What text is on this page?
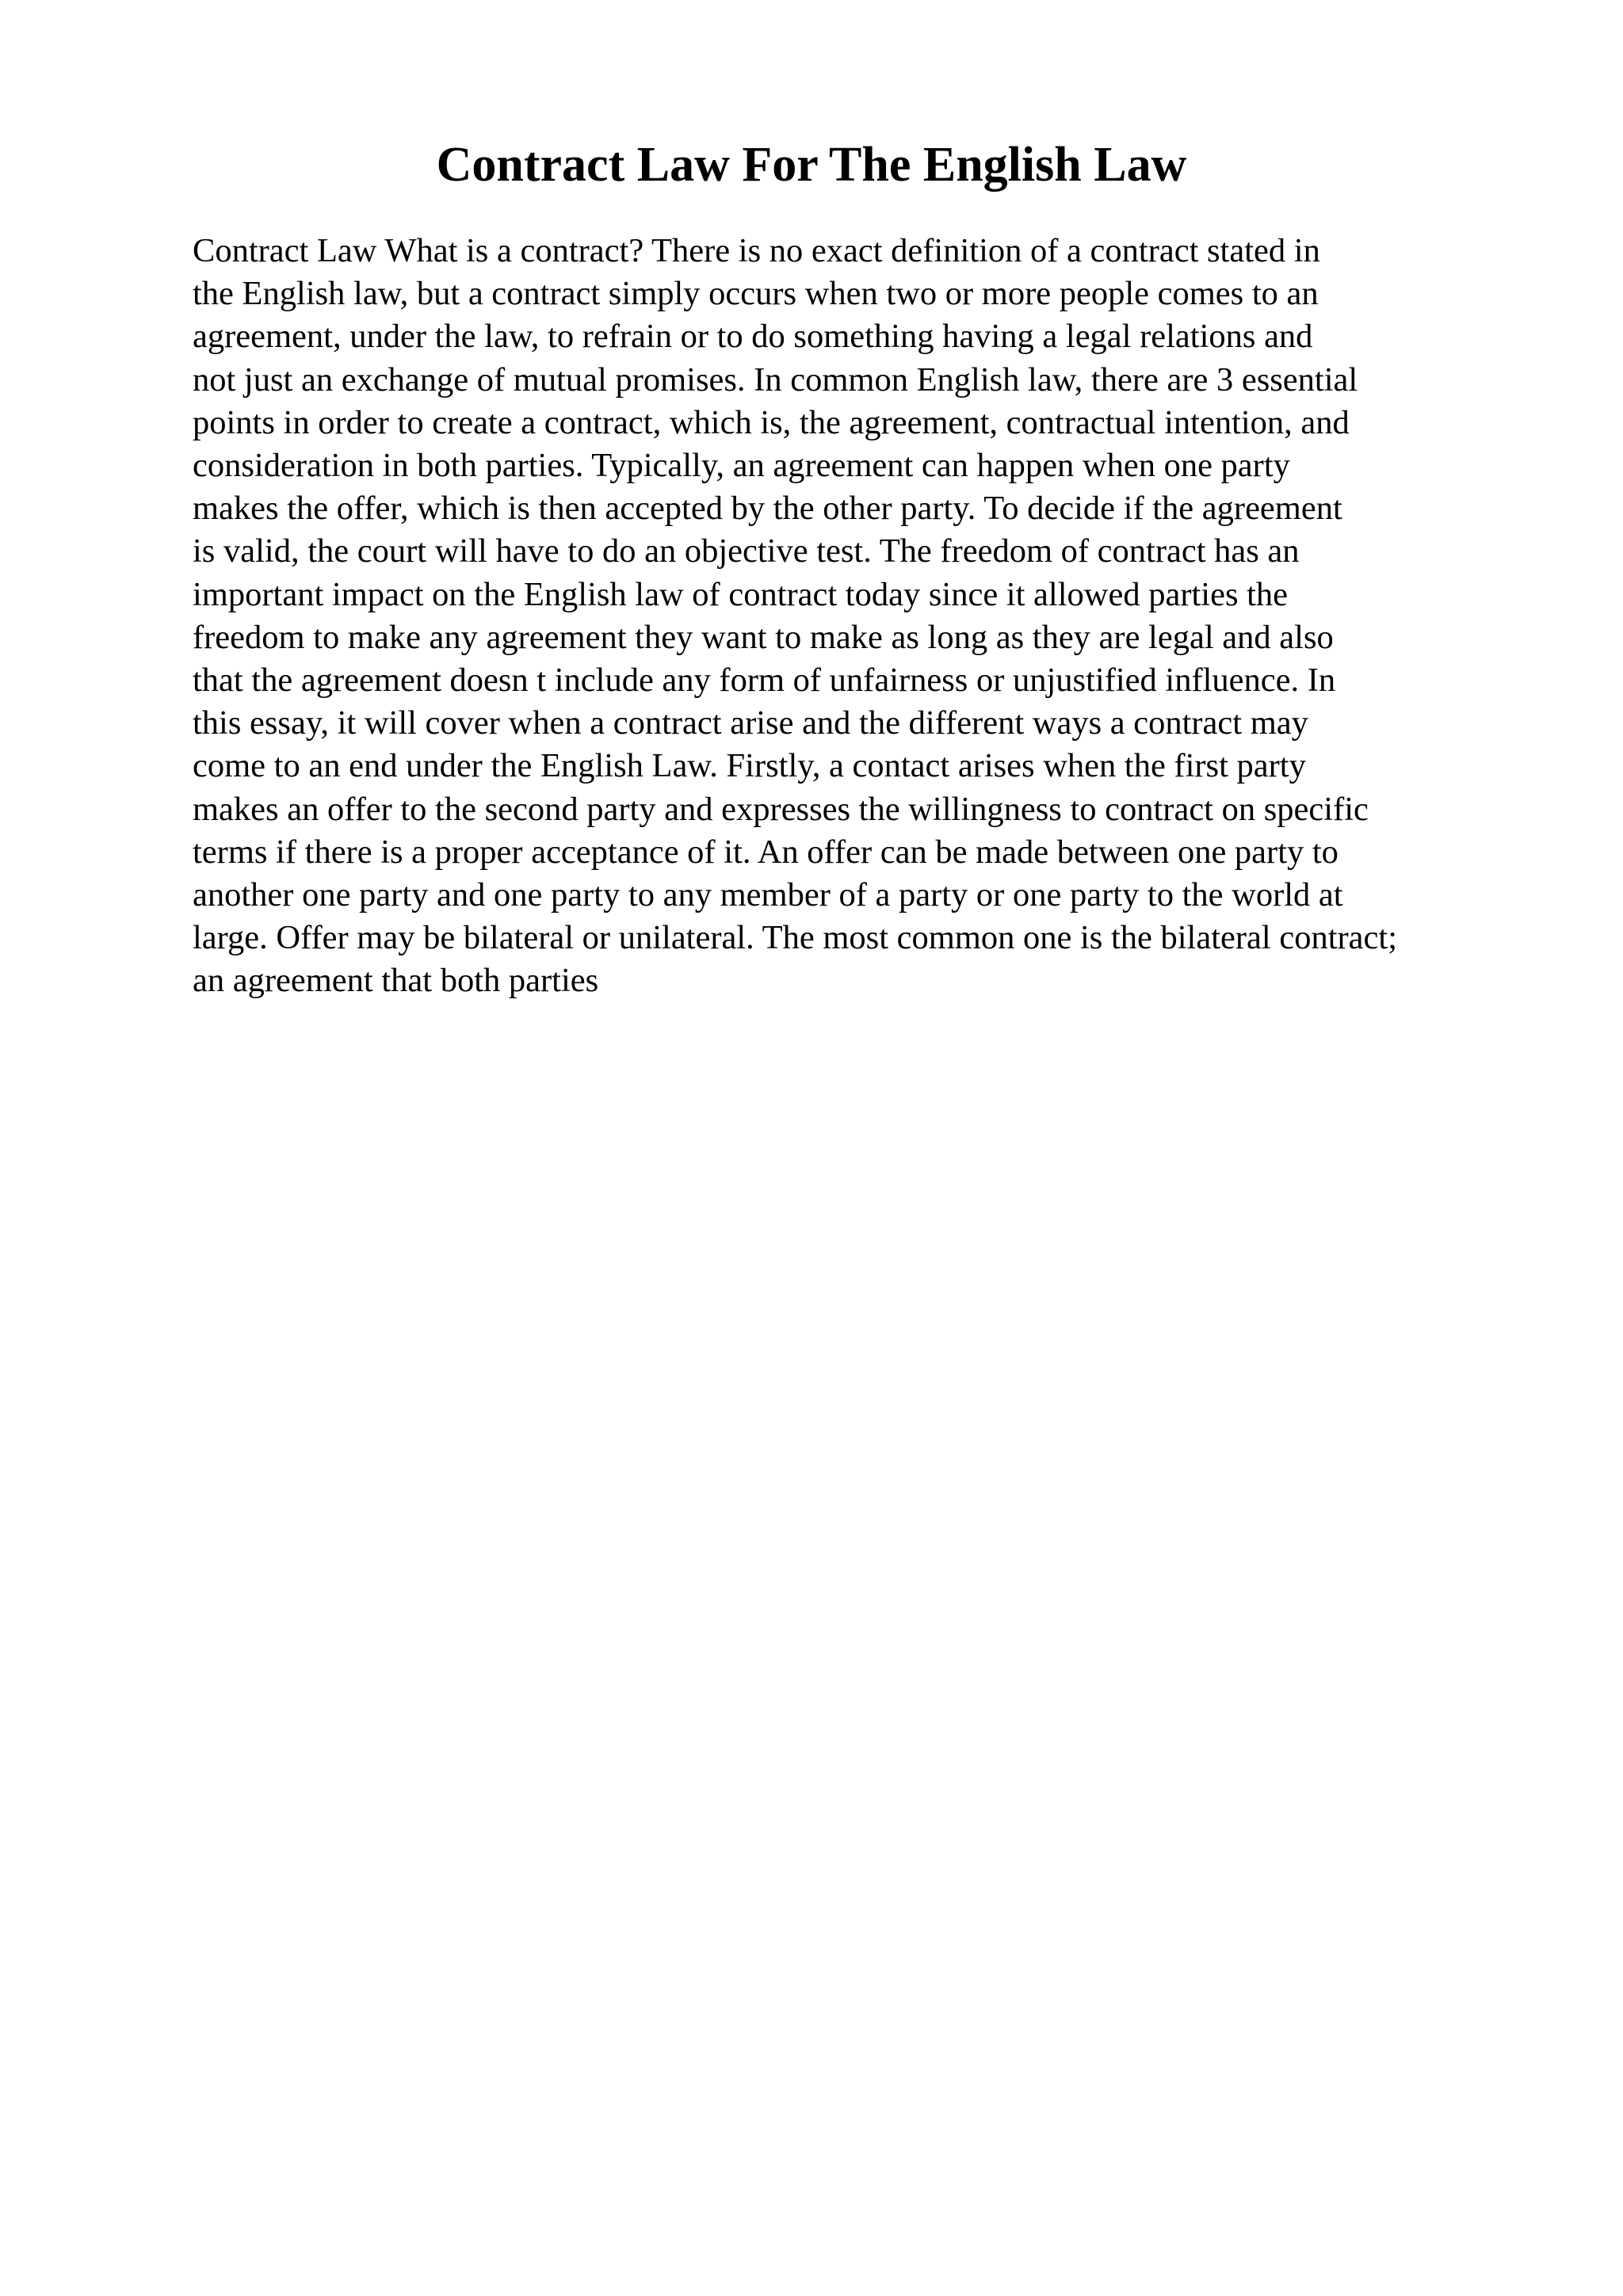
Contract Law For The English Law
Contract Law What is a contract? There is no exact definition of a contract stated in
the English law, but a contract simply occurs when two or more people comes to an
agreement, under the law, to refrain or to do something having a legal relations and
not just an exchange of mutual promises. In common English law, there are 3 essential
points in order to create a contract, which is, the agreement, contractual intention, and
consideration in both parties. Typically, an agreement can happen when one party
makes the offer, which is then accepted by the other party. To decide if the agreement
is valid, the court will have to do an objective test. The freedom of contract has an
important impact on the English law of contract today since it allowed parties the
freedom to make any agreement they want to make as long as they are legal and also
that the agreement doesn t include any form of unfairness or unjustified influence. In
this essay, it will cover when a contract arise and the different ways a contract may
come to an end under the English Law. Firstly, a contact arises when the first party
makes an offer to the second party and expresses the willingness to contract on specific
terms if there is a proper acceptance of it. An offer can be made between one party to
another one party and one party to any member of a party or one party to the world at
large. Offer may be bilateral or unilateral. The most common one is the bilateral contract;
an agreement that both parties
